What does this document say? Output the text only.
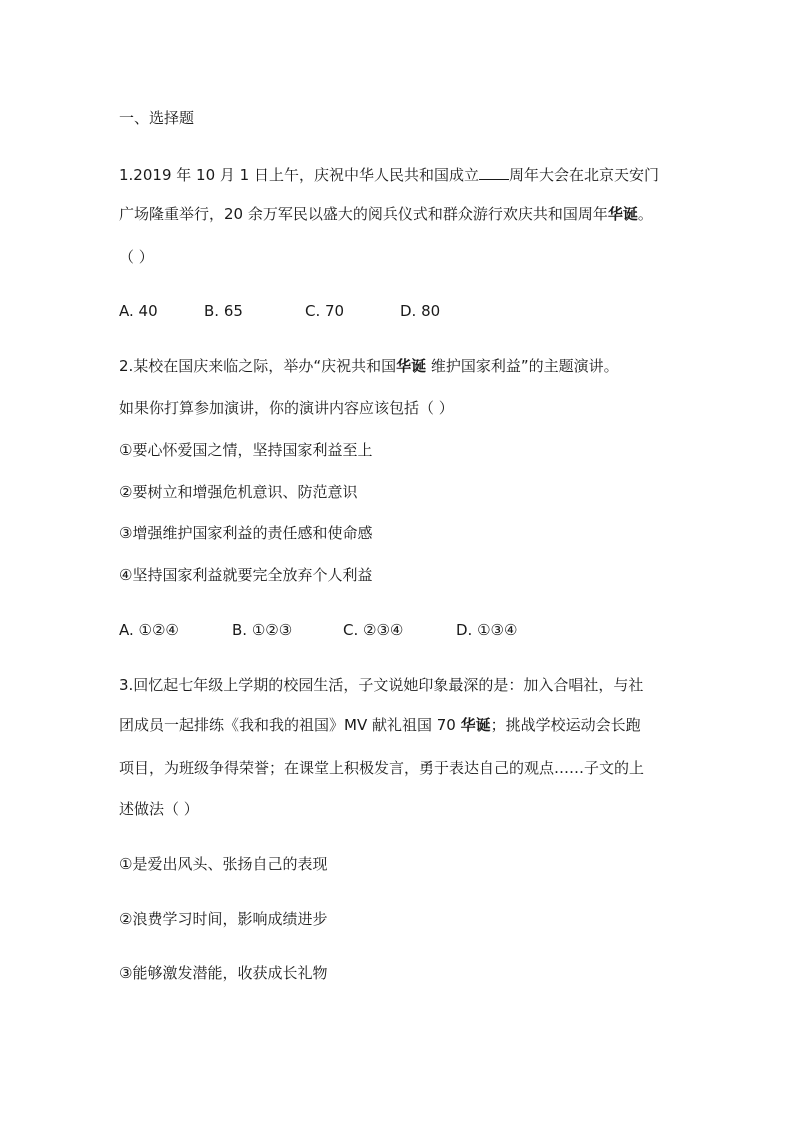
一、选择题
1.2019 年 10 月 1 日上午，庆祝中华人民共和国成立 周年大会在北京天安门
广场隆重举行，20 余万军民以盛大的阅兵仪式和群众游行欢庆共和国周年华诞。
（ ）
A. 40	B. 65	C. 70	D. 80
2.某校在国庆来临之际，举办“庆祝共和国华诞 维护国家利益”的主题演讲。
如果你打算参加演讲，你的演讲内容应该包括（ ）
①要心怀爱国之情，坚持国家利益至上
②要树立和增强危机意识、防范意识
③增强维护国家利益的责任感和使命感
④坚持国家利益就要完全放弃个人利益
A. ①②④	B. ①②③	C. ②③④	D. ①③④
3.回忆起七年级上学期的校园生活，子文说她印象最深的是：加入合唱社，与社
团成员一起排练《我和我的祖国》MV 献礼祖国 70 华诞；挑战学校运动会长跑
项目，为班级争得荣誉；在课堂上积极发言，勇于表达自己的观点……子文的上
述做法（ ）
①是爱出风头、张扬自己的表现
②浪费学习时间，影响成绩进步
③能够激发潜能，收获成长礼物
